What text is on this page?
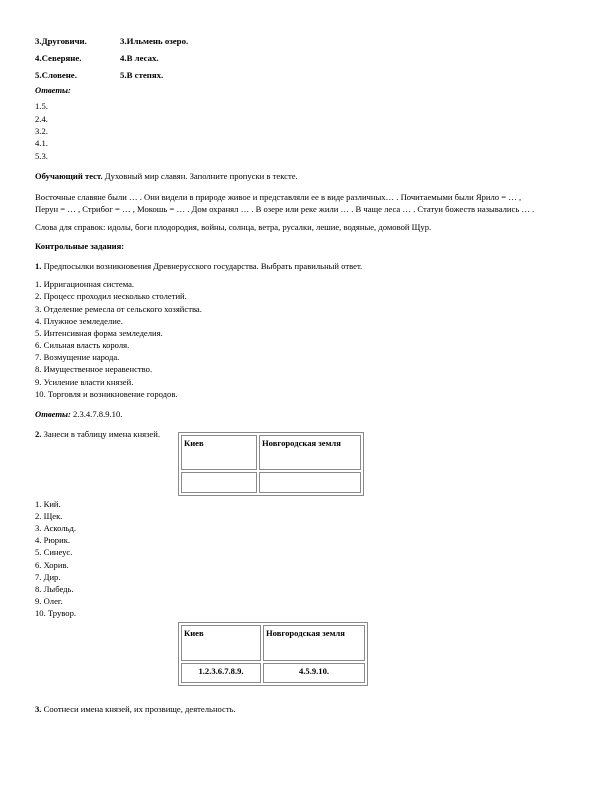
3.Друговичи.	3.Ильмень озеро.
4.Северяне.	4.В лесах.
5.Словене.	5.В степях.
Ответы:
1.5.
2.4.
3.2.
4.1.
5.3.
Обучающий тест. Духовный мир славян. Заполните пропуски в тексте.
Восточные славяне были … . Они видели в природе живое и представляли ее в виде различных… . Почитаемыми были Ярило = … ,
Перун = … , Стрибог = … , Мокошь = … . Дом охранял … . В озере или реке жили … . В чаще леса … . Статуи божеств назывались … .
Слова для справок: идолы, боги плодородия, войны, солнца, ветра, русалки, лешие, водяные, домовой Щур.
Контрольные задания:
1. Предпосылки возникновения Древнерусского государства. Выбрать правильный ответ.
1. Ирригационная система.
2. Процесс проходил несколько столетий.
3. Отделение ремесла от сельского хозяйства.
4. Плужное земледелие.
5. Интенсивная форма земледелия.
6. Сильная власть короля.
7. Возмущение народа.
8. Имущественное неравенство.
9. Усиление власти князей.
10. Торговля и возникновение городов.
Ответы: 2.3.4.7.8.9.10.
2. Занеси в таблицу имена князей.
1. Кий.
2. Щек.
3. Аскольд.
4. Рюрик.
5. Синеус.
6. Хорив.
7. Дир.
8. Лыбедь.
9. Олег.
10. Трувор.
3. Соотнеси имена князей, их прозвище, деятельность.
Киев	Новгородская земля

Киев	Новгородская земля
1.2.3.6.7.8.9.	4.5.9.10.
